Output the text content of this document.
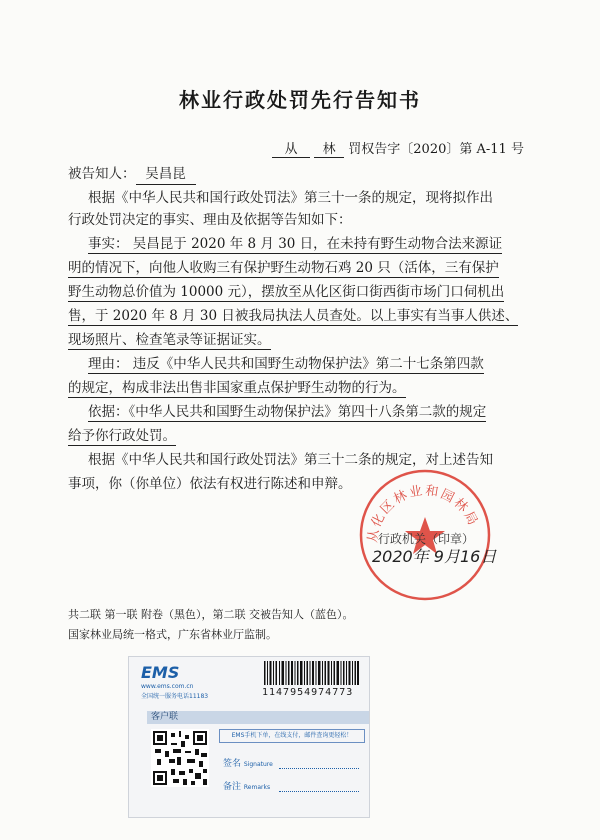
林业行政处罚先行告知书
从 林 罚权告字〔2020〕第 A-11 号
被告知人： 吴昌昆
根据《中华人民共和国行政处罚法》第三十一条的规定，现将拟作出
行政处罚决定的事实、理由及依据等告知如下：
事实： 吴昌昆于 2020 年 8 月 30 日，在未持有野生动物合法来源证
明的情况下，向他人收购三有保护野生动物石鸡 20 只（活体，三有保护
野生动物总价值为 10000 元），摆放至从化区街口街西街市场门口伺机出
售，于 2020 年 8 月 30 日被我局执法人员查处。以上事实有当事人供述、
现场照片、检查笔录等证据证实。
理由： 违反《中华人民共和国野生动物保护法》第二十七条第四款
的规定，构成非法出售非国家重点保护野生动物的行为。
依据：《中华人民共和国野生动物保护法》第四十八条第二款的规定
给予你行政处罚。
根据《中华人民共和国行政处罚法》第三十二条的规定，对上述告知
事项，你（你单位）依法有权进行陈述和申辩。
从化区林业和园林局
行政机关（印章）
2020年 9月16日
共二联 第一联 附卷（黑色），第二联 交被告知人（蓝色）。
国家林业局统一格式，广东省林业厅监制。
EMS
www.ems.com.cn
全国统一服务电话11183	1147954974773
客户联
EMS手机下单，在线支付，邮件查询更轻松！
签名 Signature
备注 Remarks
